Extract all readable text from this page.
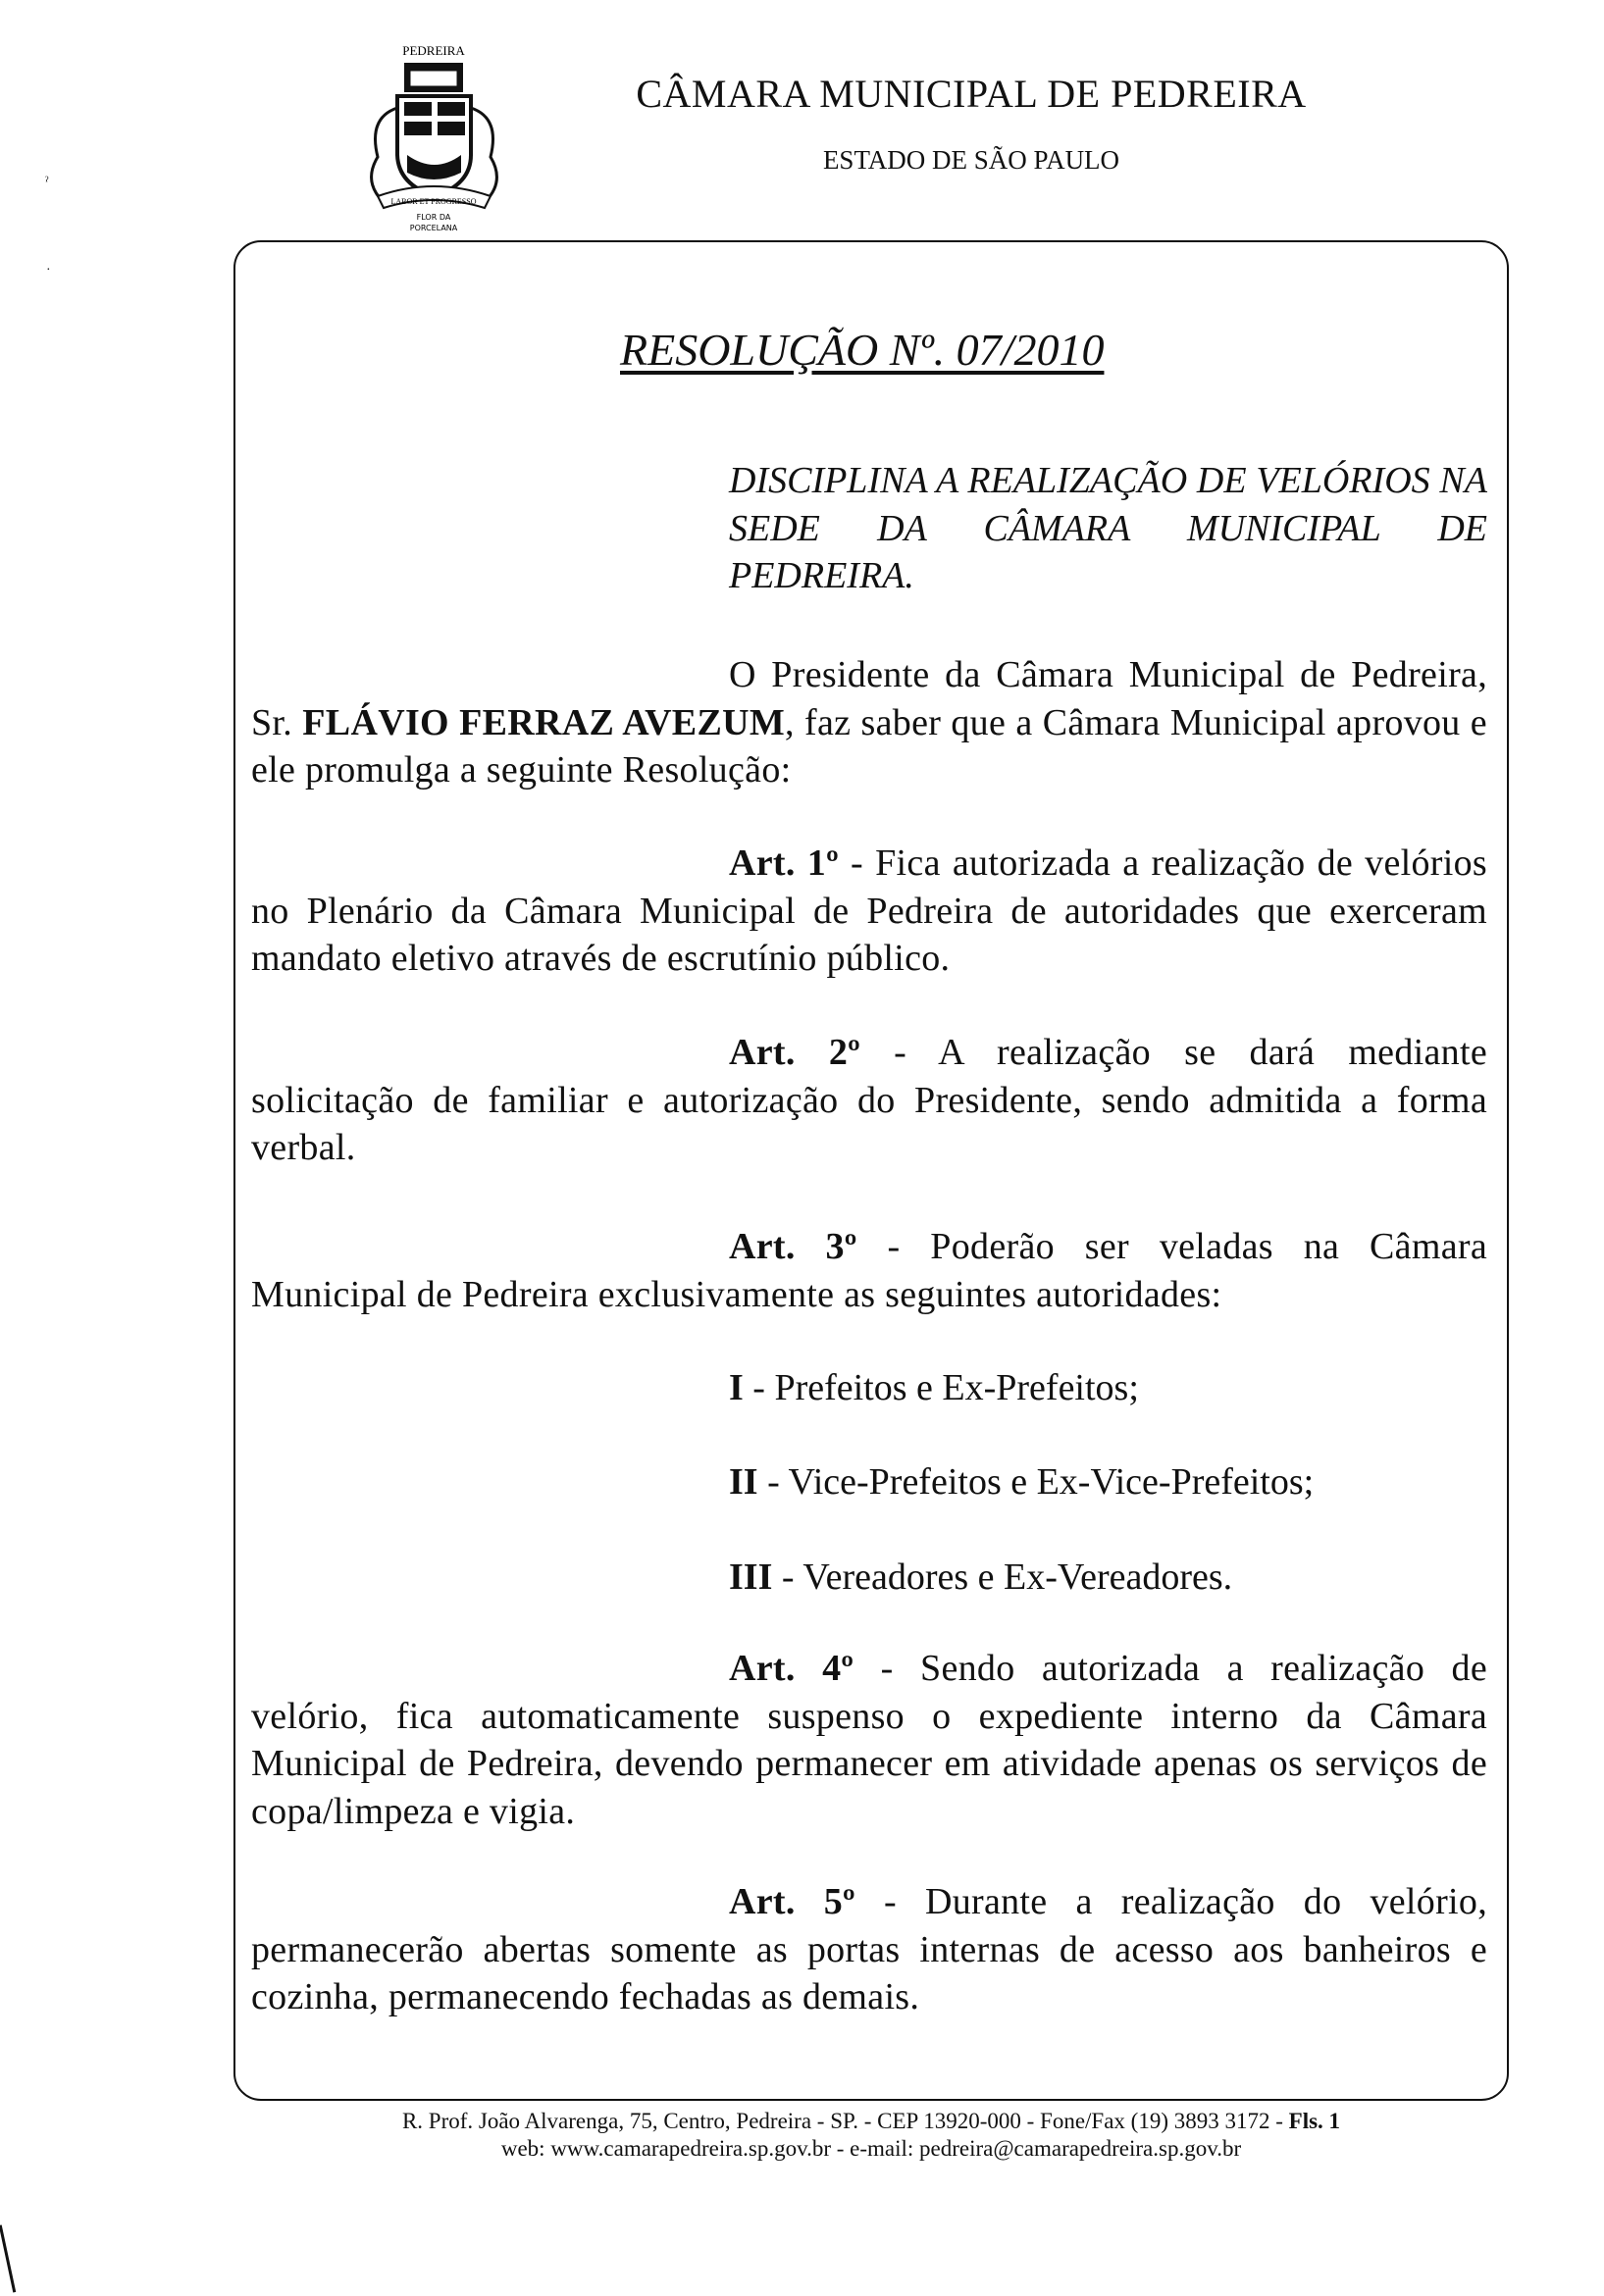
PEDREIRA
LABOR ET PROGRESSO
FLOR DA
PORCELANA
CÂMARA MUNICIPAL DE PEDREIRA
ESTADO DE SÃO PAULO
ˀ
·
RESOLUÇÃO Nº. 07/2010
DISCIPLINA A REALIZAÇÃO DE VELÓRIOS NA SEDE DA CÂMARA MUNICIPAL DE PEDREIRA.
O Presidente da Câmara Municipal de Pedreira, Sr. FLÁVIO FERRAZ AVEZUM, faz saber que a Câmara Municipal aprovou e ele promulga a seguinte Resolução:
Art. 1º - Fica autorizada a realização de velórios no Plenário da Câmara Municipal de Pedreira de autoridades que exerceram mandato eletivo através de escrutínio público.
Art. 2º - A realização se dará mediante solicitação de familiar e autorização do Presidente, sendo admitida a forma verbal.
Art. 3º - Poderão ser veladas na Câmara Municipal de Pedreira exclusivamente as seguintes autoridades:
I - Prefeitos e Ex-Prefeitos;
II - Vice-Prefeitos e Ex-Vice-Prefeitos;
III - Vereadores e Ex-Vereadores.
Art. 4º - Sendo autorizada a realização de velório, fica automaticamente suspenso o expediente interno da Câmara Municipal de Pedreira, devendo permanecer em atividade apenas os serviços de copa/limpeza e vigia.
Art. 5º - Durante a realização do velório, permanecerão abertas somente as portas internas de acesso aos banheiros e cozinha, permanecendo fechadas as demais.
R. Prof. João Alvarenga, 75, Centro, Pedreira - SP. - CEP 13920-000 - Fone/Fax (19) 3893 3172 - Fls. 1
web: www.camarapedreira.sp.gov.br - e-mail: pedreira@camarapedreira.sp.gov.br
